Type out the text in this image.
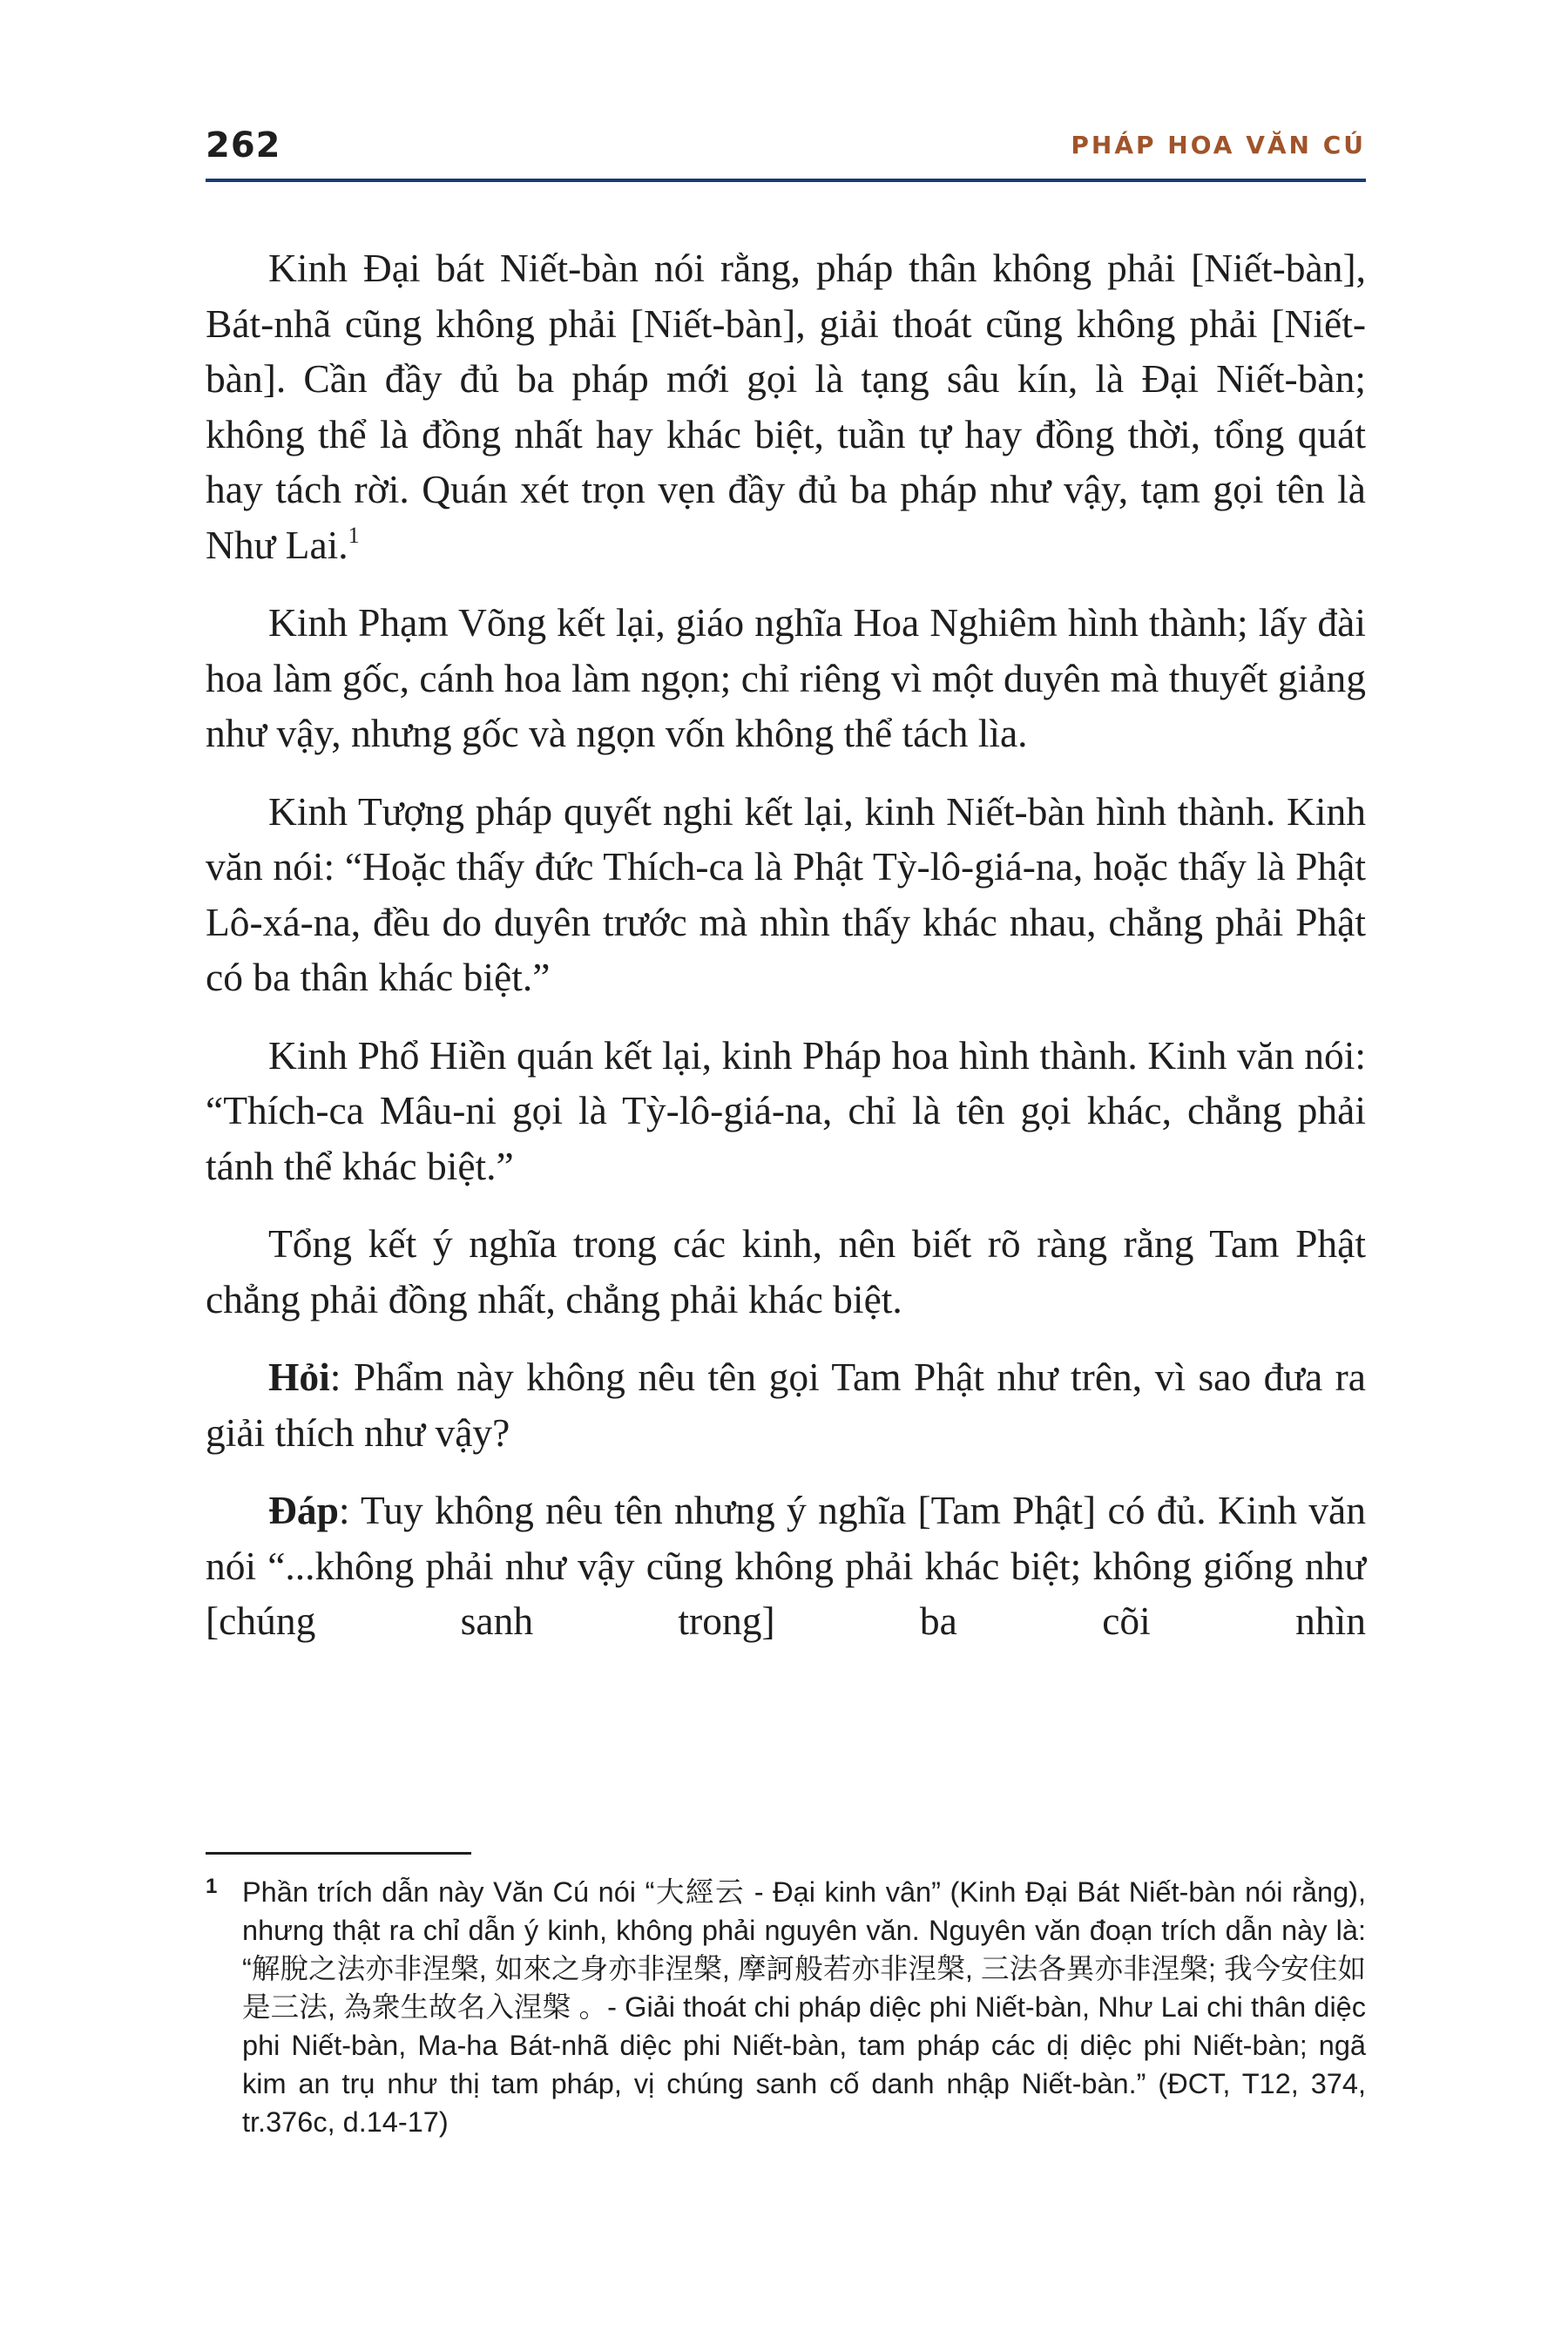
262	PHÁP HOA VĂN CÚ

Kinh Đại bát Niết-bàn nói rằng, pháp thân không phải [Niết-bàn], Bát-nhã cũng không phải [Niết-bàn], giải thoát cũng không phải [Niết-bàn]. Cần đầy đủ ba pháp mới gọi là tạng sâu kín, là Đại Niết-bàn; không thể là đồng nhất hay khác biệt, tuần tự hay đồng thời, tổng quát hay tách rời. Quán xét trọn vẹn đầy đủ ba pháp như vậy, tạm gọi tên là Như Lai.$^1$

Kinh Phạm Võng kết lại, giáo nghĩa Hoa Nghiêm hình thành; lấy đài hoa làm gốc, cánh hoa làm ngọn; chỉ riêng vì một duyên mà thuyết giảng như vậy, nhưng gốc và ngọn vốn không thể tách lìa.

Kinh Tượng pháp quyết nghi kết lại, kinh Niết-bàn hình thành. Kinh văn nói: “Hoặc thấy đức Thích-ca là Phật Tỳ-lô-giá-na, hoặc thấy là Phật Lô-xá-na, đều do duyên trước mà nhìn thấy khác nhau, chẳng phải Phật có ba thân khác biệt.”

Kinh Phổ Hiền quán kết lại, kinh Pháp hoa hình thành. Kinh văn nói: “Thích-ca Mâu-ni gọi là Tỳ-lô-giá-na, chỉ là tên gọi khác, chẳng phải tánh thể khác biệt.”

Tổng kết ý nghĩa trong các kinh, nên biết rõ ràng rằng Tam Phật chẳng phải đồng nhất, chẳng phải khác biệt.

Hỏi: Phẩm này không nêu tên gọi Tam Phật như trên, vì sao đưa ra giải thích như vậy?

Đáp: Tuy không nêu tên nhưng ý nghĩa [Tam Phật] có đủ. Kinh văn nói “...không phải như vậy cũng không phải khác biệt; không giống như [chúng sanh trong] ba cõi nhìn

1 Phần trích dẫn này Văn Cú nói “大經云 - Đại kinh vân” (Kinh Đại Bát Niết-bàn nói rằng), nhưng thật ra chỉ dẫn ý kinh, không phải nguyên văn. Nguyên văn đoạn trích dẫn này là: “解脫之法亦非涅槃, 如來之身亦非涅槃, 摩訶般若亦非涅槃, 三法各異亦非涅槃; 我今安住如是三法, 為衆生故名入涅槃 。- Giải thoát chi pháp diệc phi Niết-bàn, Như Lai chi thân diệc phi Niết-bàn, Ma-ha Bát-nhã diệc phi Niết-bàn, tam pháp các dị diệc phi Niết-bàn; ngã kim an trụ như thị tam pháp, vị chúng sanh cố danh nhập Niết-bàn.” (ĐCT, T12, 374, tr.376c, d.14-17)
